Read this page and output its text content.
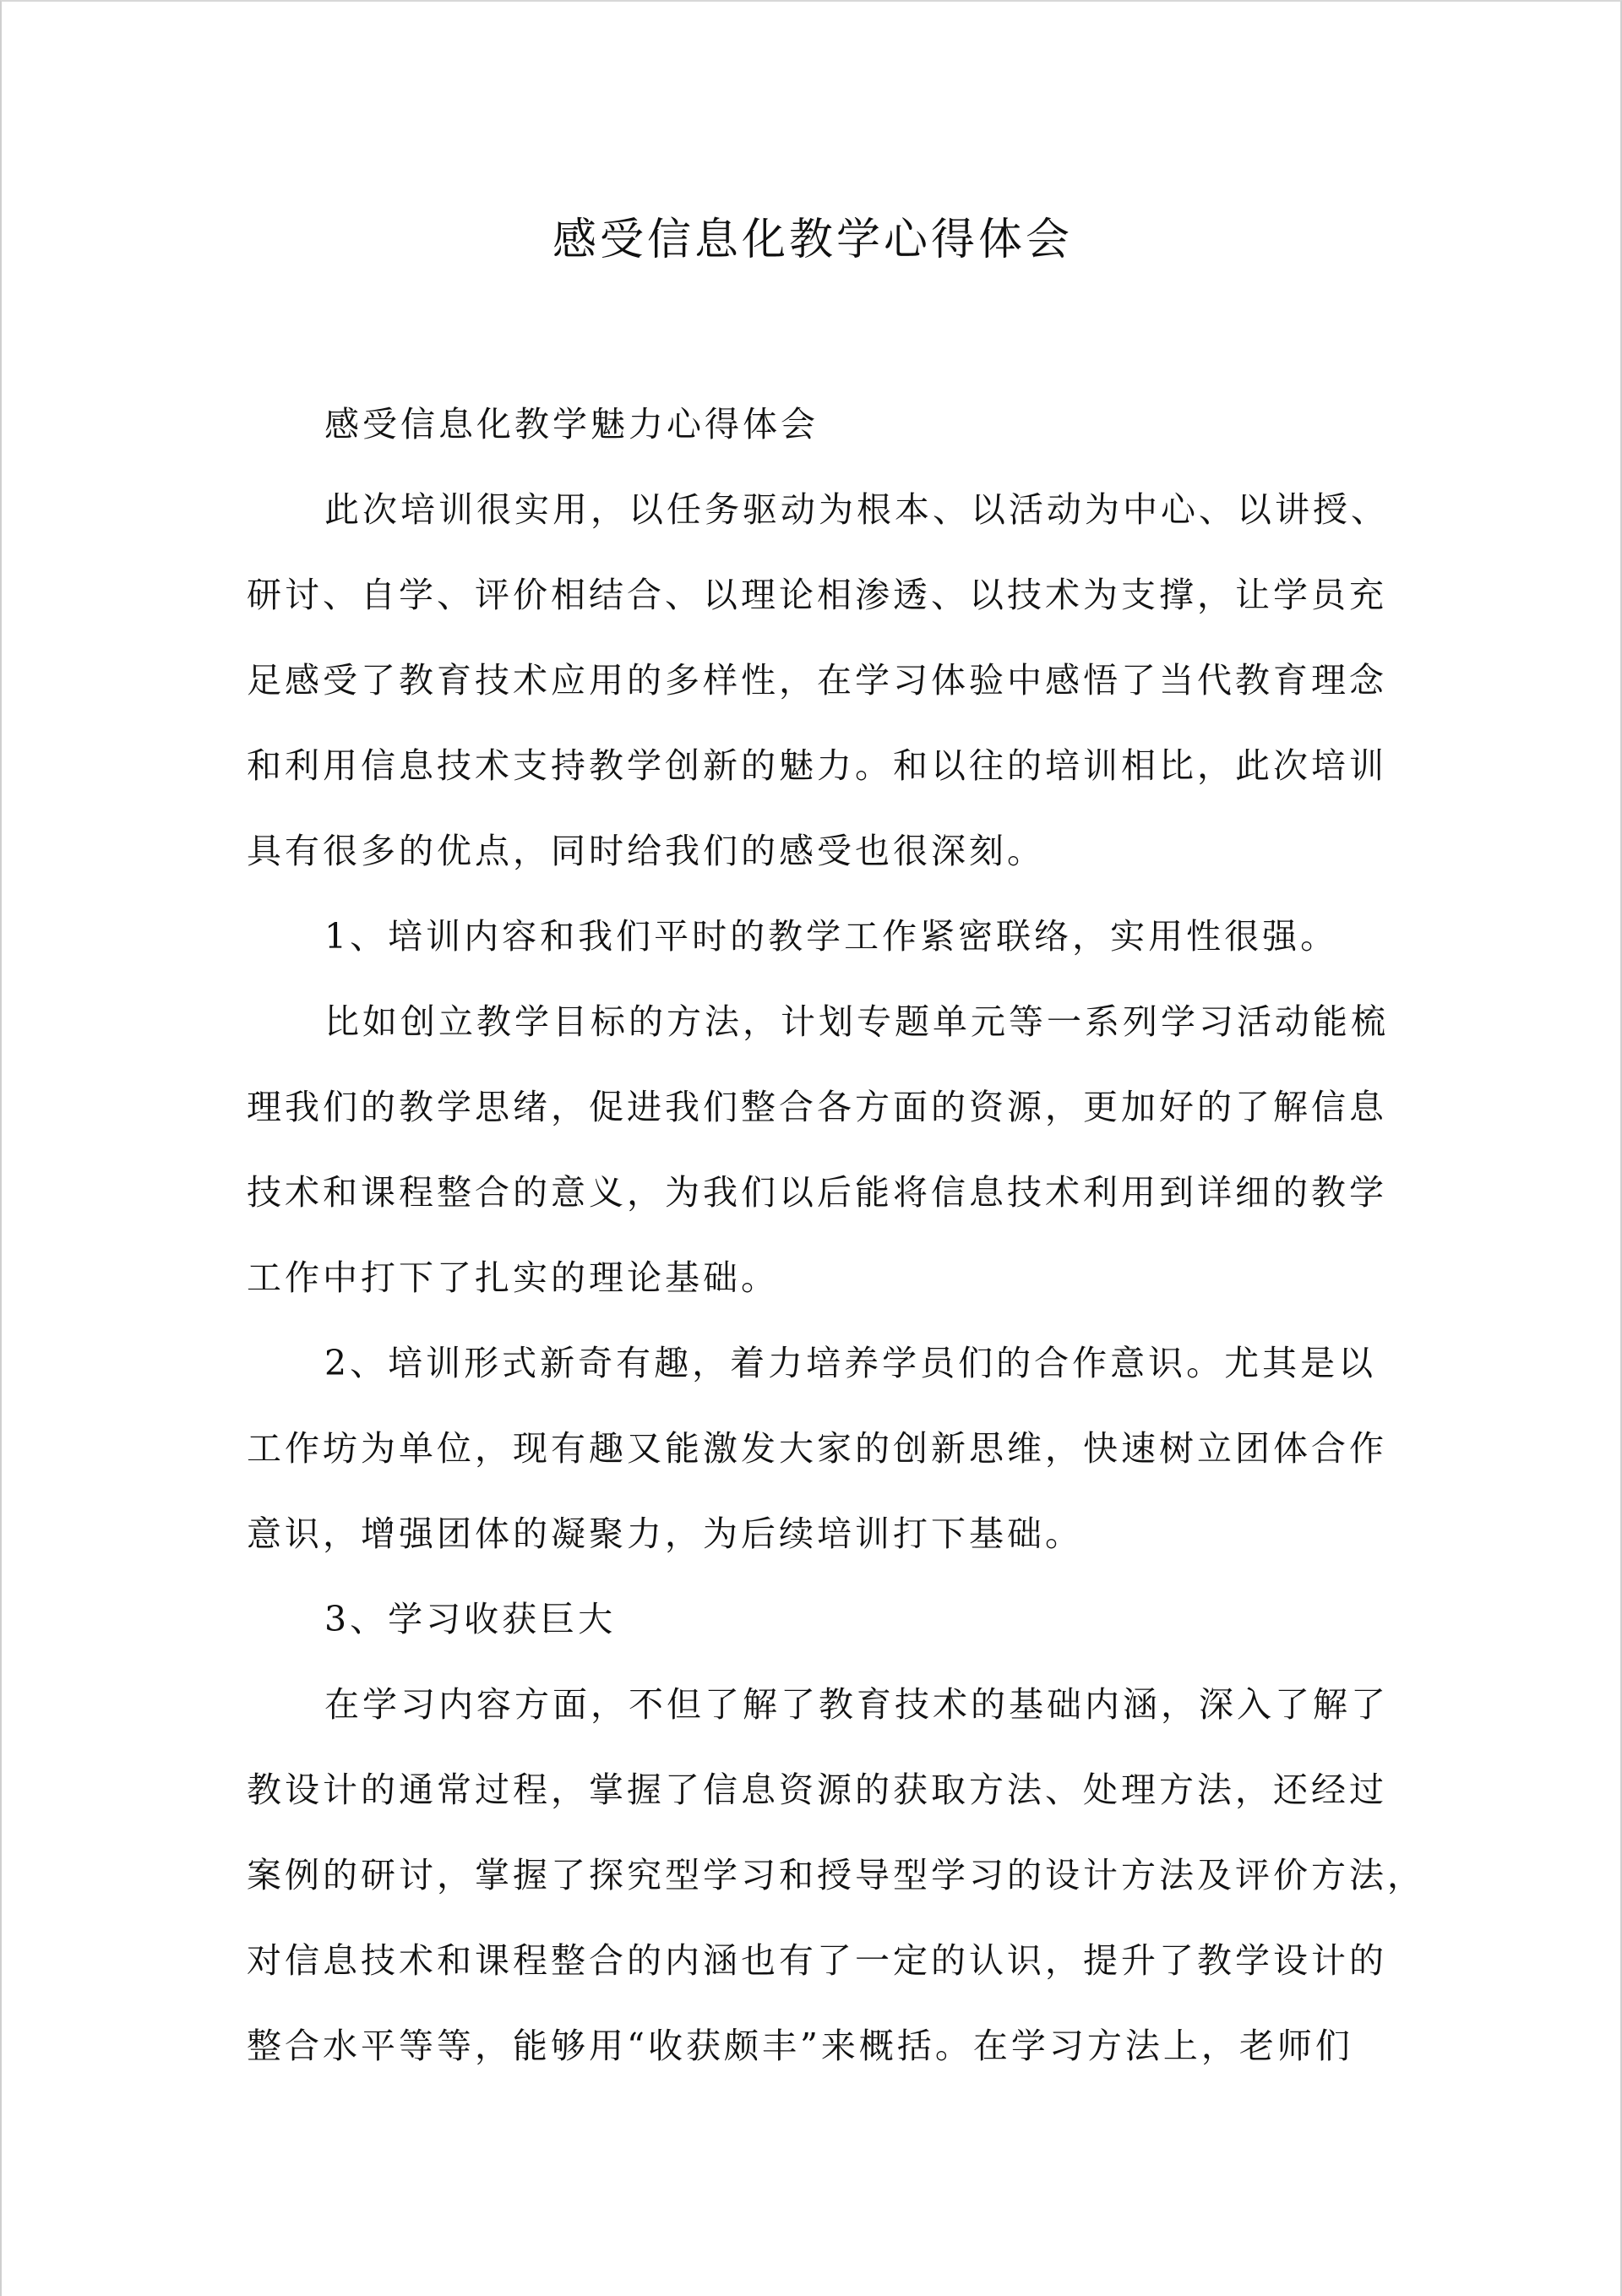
感受信息化教学心得体会

感受信息化教学魅力心得体会

此次培训很实用，以任务驱动为根本、以活动为中心、以讲授、

研讨、自学、评价相结合、以理论相渗透、以技术为支撑，让学员充

足感受了教育技术应用的多样性，在学习体验中感悟了当代教育理念

和利用信息技术支持教学创新的魅力。和以往的培训相比，此次培训

具有很多的优点，同时给我们的感受也很深刻。

1、培训内容和我们平时的教学工作紧密联络，实用性很强。

比如创立教学目标的方法，计划专题单元等一系列学习活动能梳

理我们的教学思绪，促进我们整合各方面的资源，更加好的了解信息

技术和课程整合的意义，为我们以后能将信息技术利用到详细的教学

工作中打下了扎实的理论基础。

2、培训形式新奇有趣，着力培养学员们的合作意识。尤其是以

工作坊为单位，现有趣又能激发大家的创新思维，快速树立团体合作

意识，增强团体的凝聚力，为后续培训打下基础。

3、学习收获巨大

在学习内容方面，不但了解了教育技术的基础内涵，深入了解了

教设计的通常过程，掌握了信息资源的获取方法、处理方法，还经过

案例的研讨，掌握了探究型学习和授导型学习的设计方法及评价方法，

对信息技术和课程整合的内涵也有了一定的认识，提升了教学设计的

整合水平等等，能够用“收获颇丰”来概括。在学习方法上，老师们
